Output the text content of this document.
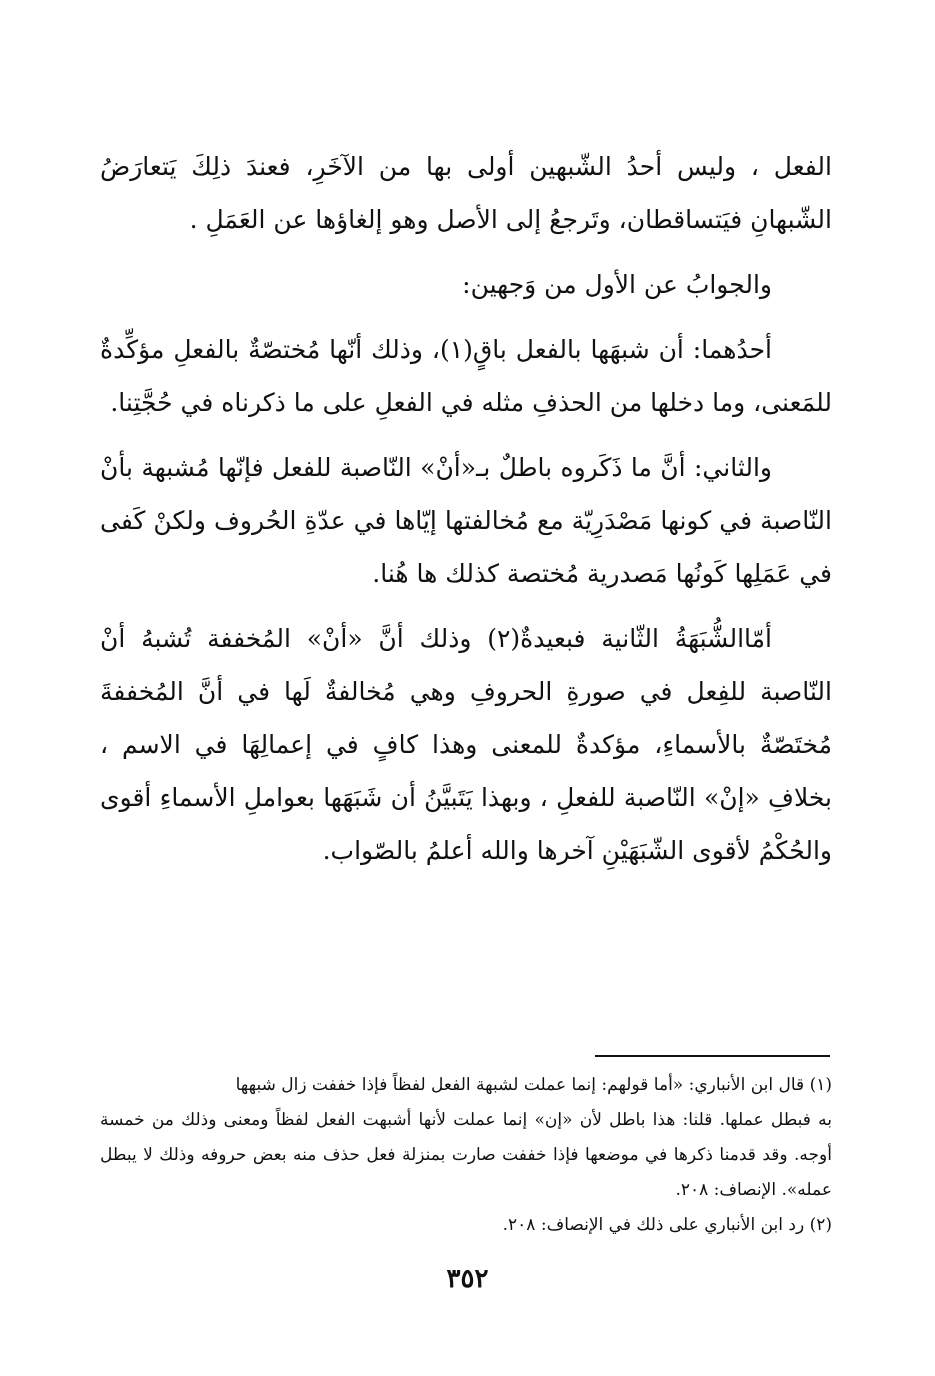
الفعل ، وليس أحدُ الشّبهين أولى بها من الآخَرِ، فعندَ ذلِكَ يَتعارَضُ الشّبهانِ فيَتساقطان، وتَرجعُ إلى الأصل وهو إلغاؤها عن العَمَلِ .

والجوابُ عن الأول من وَجهين:

أحدُهما: أن شبهَها بالفعل باقٍ(١)، وذلك أنّها مُختصّةٌ بالفعلِ مؤكِّدةٌ للمَعنى، وما دخلها من الحذفِ مثله في الفعلِ على ما ذكرناه في حُجَّتِنا.

والثاني: أنَّ ما ذَكَروه باطلٌ بـ«أنْ» النّاصبة للفعل فإنّها مُشبهة بأنْ النّاصبة في كونها مَصْدَرِيّة مع مُخالفتها إيّاها في عدّةِ الحُروف ولكنْ كَفى في عَمَلِها كَونُها مَصدرية مُختصة كذلك ها هُنا.

أمّاالشُّبَهَةُ الثّانية فبعيدةٌ(٢) وذلك أنَّ «أنْ» المُخففة تُشبهُ أنْ النّاصبة للفِعل في صورةِ الحروفِ وهي مُخالفةٌ لَها في أنَّ المُخففةَ مُختَصّةٌ بالأسماءِ، مؤكدةٌ للمعنى وهذا كافٍ في إعمالِهَا في الاسم ، بخلافِ «إنْ» النّاصبة للفعلِ ، وبهذا يَتَبيَّنُ أن شَبَهَها بعواملِ الأسماءِ أقوى والحُكْمُ لأقوى الشّبَهَيْنِ آخرها والله أعلمُ بالصّواب.

(١) قال ابن الأنباري: «أما قولهم: إنما عملت لشبهة الفعل لفظاً فإذا خففت زال شبهها

به فبطل عملها. قلنا: هذا باطل لأن «إن» إنما عملت لأنها أشبهت الفعل لفظاً ومعنى وذلك من خمسة أوجه. وقد قدمنا ذكرها في موضعها فإذا خففت صارت بمنزلة فعل حذف منه بعض حروفه وذلك لا يبطل عمله». الإنصاف: ٢٠٨.

(٢) رد ابن الأنباري على ذلك في الإنصاف: ٢٠٨.

٣٥٢
